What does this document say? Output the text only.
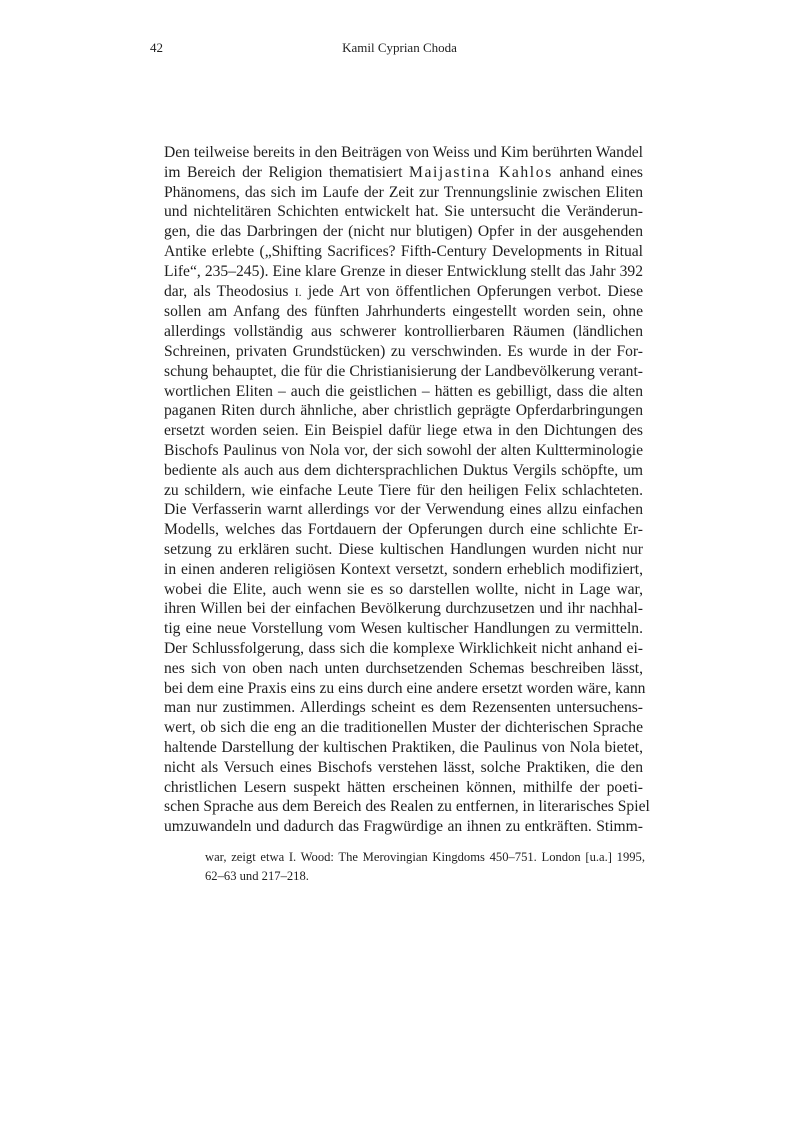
42	Kamil Cyprian Choda
Den teilweise bereits in den Beiträgen von Weiss und Kim berührten Wandel
im Bereich der Religion thematisiert Maijastina Kahlos anhand eines
Phänomens, das sich im Laufe der Zeit zur Trennungslinie zwischen Eliten
und nichtelitären Schichten entwickelt hat. Sie untersucht die Veränderun-
gen, die das Darbringen der (nicht nur blutigen) Opfer in der ausgehenden
Antike erlebte („Shifting Sacrifices? Fifth-Century Developments in Ritual
Life“, 235–245). Eine klare Grenze in dieser Entwicklung stellt das Jahr 392
dar, als Theodosius I. jede Art von öffentlichen Opferungen verbot. Diese
sollen am Anfang des fünften Jahrhunderts eingestellt worden sein, ohne
allerdings vollständig aus schwerer kontrollierbaren Räumen (ländlichen
Schreinen, privaten Grundstücken) zu verschwinden. Es wurde in der For-
schung behauptet, die für die Christianisierung der Landbevölkerung verant-
wortlichen Eliten – auch die geistlichen – hätten es gebilligt, dass die alten
paganen Riten durch ähnliche, aber christlich geprägte Opferdarbringungen
ersetzt worden seien. Ein Beispiel dafür liege etwa in den Dichtungen des
Bischofs Paulinus von Nola vor, der sich sowohl der alten Kultterminologie
bediente als auch aus dem dichtersprachlichen Duktus Vergils schöpfte, um
zu schildern, wie einfache Leute Tiere für den heiligen Felix schlachteten.
Die Verfasserin warnt allerdings vor der Verwendung eines allzu einfachen
Modells, welches das Fortdauern der Opferungen durch eine schlichte Er-
setzung zu erklären sucht. Diese kultischen Handlungen wurden nicht nur
in einen anderen religiösen Kontext versetzt, sondern erheblich modifiziert,
wobei die Elite, auch wenn sie es so darstellen wollte, nicht in Lage war,
ihren Willen bei der einfachen Bevölkerung durchzusetzen und ihr nachhal-
tig eine neue Vorstellung vom Wesen kultischer Handlungen zu vermitteln.
Der Schlussfolgerung, dass sich die komplexe Wirklichkeit nicht anhand ei-
nes sich von oben nach unten durchsetzenden Schemas beschreiben lässt,
bei dem eine Praxis eins zu eins durch eine andere ersetzt worden wäre, kann
man nur zustimmen. Allerdings scheint es dem Rezensenten untersuchens-
wert, ob sich die eng an die traditionellen Muster der dichterischen Sprache
haltende Darstellung der kultischen Praktiken, die Paulinus von Nola bietet,
nicht als Versuch eines Bischofs verstehen lässt, solche Praktiken, die den
christlichen Lesern suspekt hätten erscheinen können, mithilfe der poeti-
schen Sprache aus dem Bereich des Realen zu entfernen, in literarisches Spiel
umzuwandeln und dadurch das Fragwürdige an ihnen zu entkräften. Stimm-
war, zeigt etwa I. Wood: The Merovingian Kingdoms 450–751. London [u.a.] 1995,
62–63 und 217–218.
